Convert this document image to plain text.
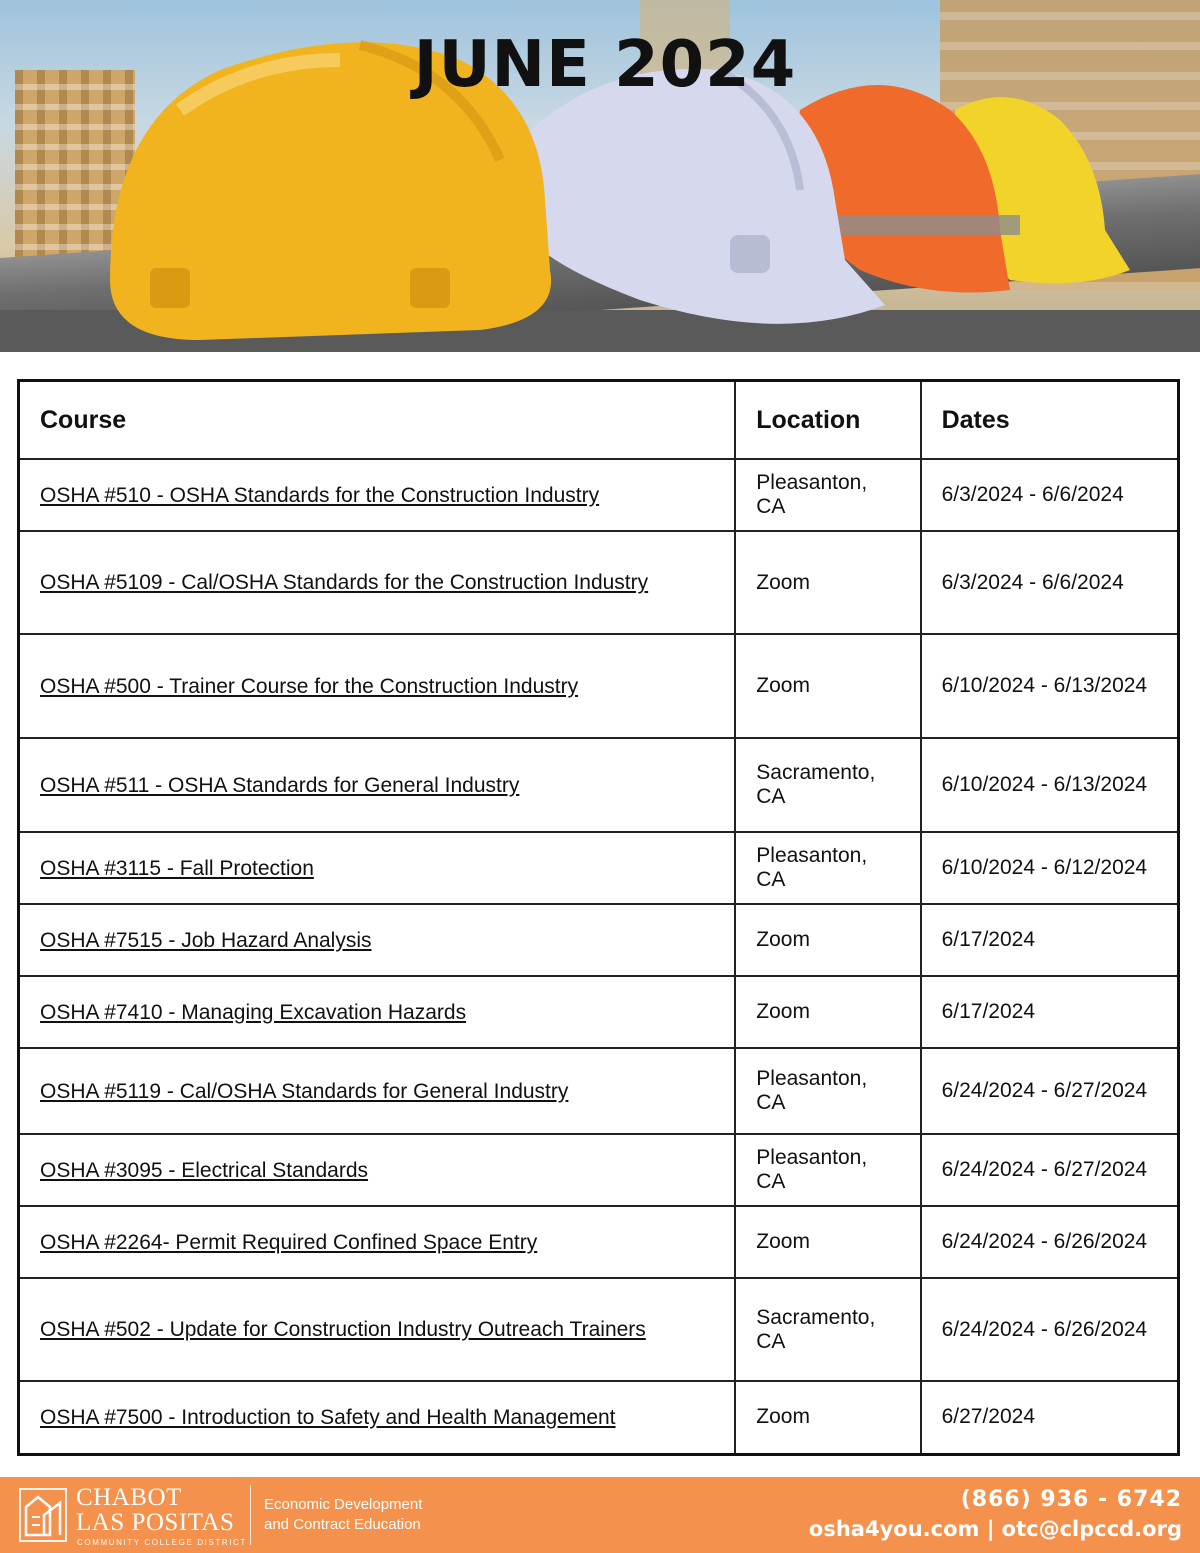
JUNE 2024
Course	Location	Dates
OSHA #510 - OSHA Standards for the Construction Industry	Pleasanton, CA	6/3/2024 - 6/6/2024
OSHA #5109 - Cal/OSHA Standards for the Construction Industry	Zoom	6/3/2024 - 6/6/2024
OSHA #500 - Trainer Course for the Construction Industry	Zoom	6/10/2024 - 6/13/2024
OSHA #511 - OSHA Standards for General Industry	Sacramento, CA	6/10/2024 - 6/13/2024
OSHA #3115 - Fall Protection	Pleasanton, CA	6/10/2024 - 6/12/2024
OSHA #7515 - Job Hazard Analysis	Zoom	6/17/2024
OSHA #7410 - Managing Excavation Hazards	Zoom	6/17/2024
OSHA #5119 - Cal/OSHA Standards for General Industry	Pleasanton, CA	6/24/2024 - 6/27/2024
OSHA #3095 - Electrical Standards	Pleasanton, CA	6/24/2024 - 6/27/2024
OSHA #2264- Permit Required Confined Space Entry	Zoom	6/24/2024 - 6/26/2024
OSHA #502 - Update for Construction Industry Outreach Trainers	Sacramento, CA	6/24/2024 - 6/26/2024
OSHA #7500 - Introduction to Safety and Health Management	Zoom	6/27/2024
CHABOT
LAS POSITAS
COMMUNITY COLLEGE DISTRICT
Economic Development
and Contract Education
(866) 936 - 6742
osha4you.com | otc@clpccd.org
